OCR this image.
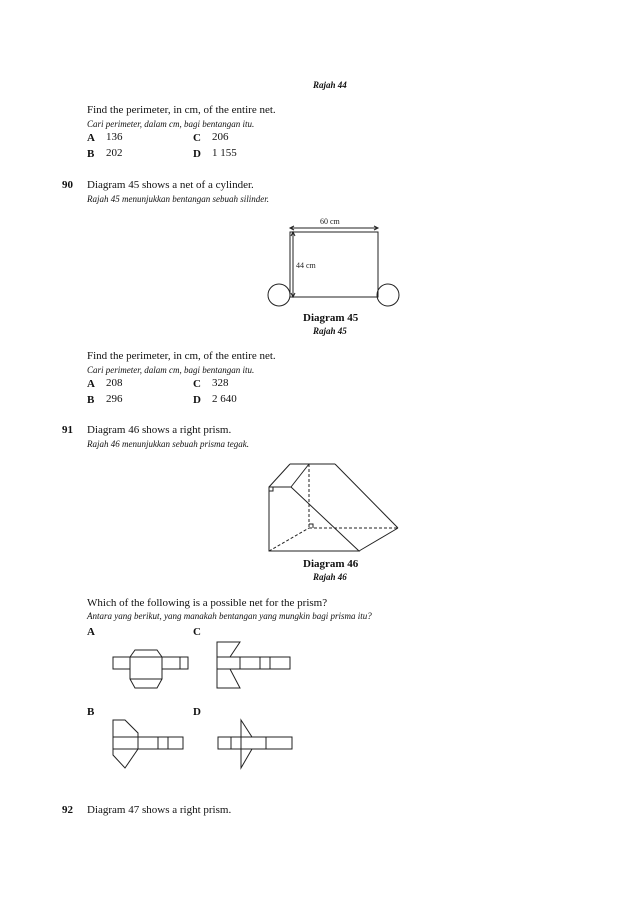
Rajah 44
Find the perimeter, in cm, of the entire net.
Cari perimeter, dalam cm, bagi bentangan itu.
A 136
B 202
C 206
D 1 155
90 Diagram 45 shows a net of a cylinder.
Rajah 45 menunjukkan bentangan sebuah silinder.
60 cm
44 cm
Diagram 45
Rajah 45
Find the perimeter, in cm, of the entire net.
Cari perimeter, dalam cm, bagi bentangan itu.
A 208
B 296
C 328
D 2 640
91 Diagram 46 shows a right prism.
Rajah 46 menunjukkan sebuah prisma tegak.
Diagram 46
Rajah 46
Which of the following is a possible net for the prism?
Antara yang berikut, yang manakah bentangan yang mungkin bagi prisma itu?
A
B
C
D
92 Diagram 47 shows a right prism.
